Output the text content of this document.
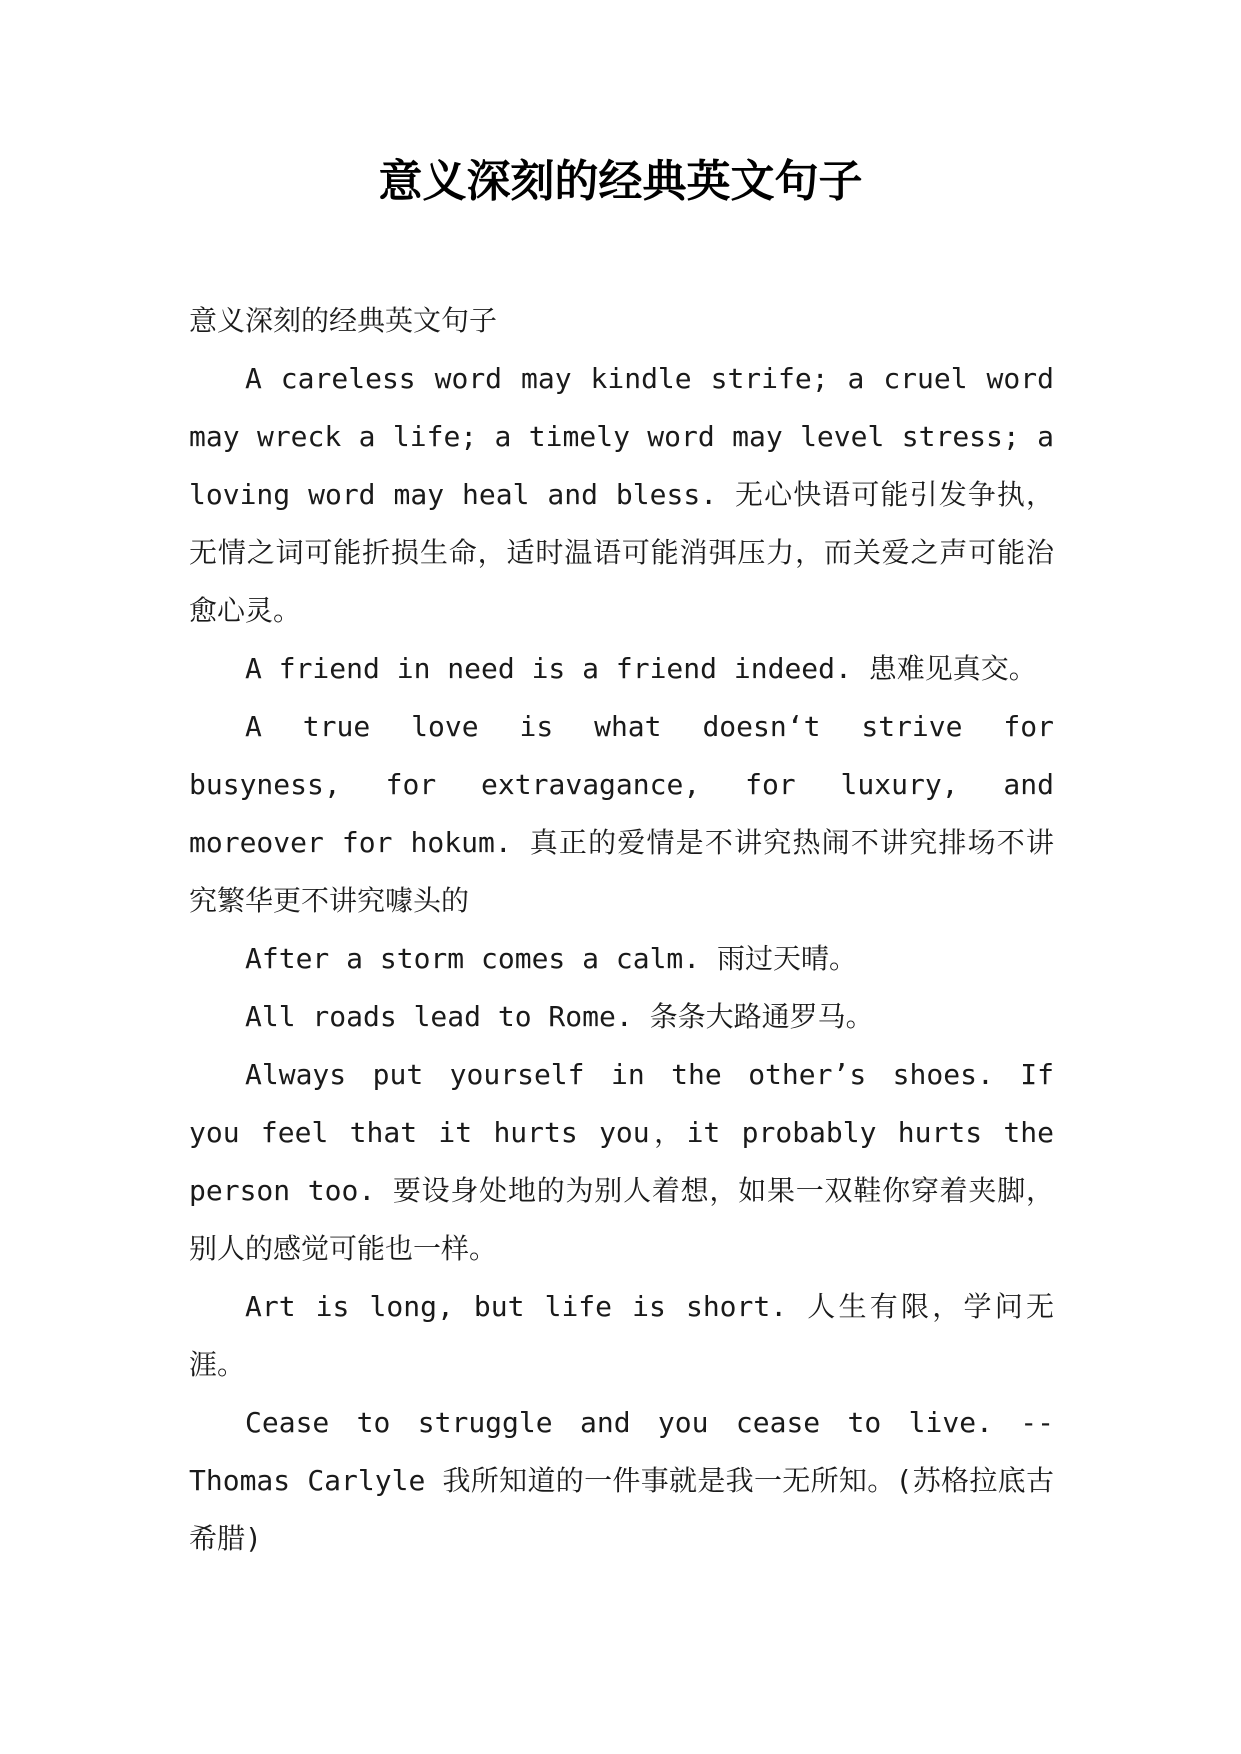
意义深刻的经典英文句子

意义深刻的经典英文句子

A careless word may kindle strife; a cruel word may wreck a life; a timely word may level stress; a loving word may heal and bless. 无心快语可能引发争执，无情之词可能折损生命，适时温语可能消弭压力，而关爱之声可能治愈心灵。

A friend in need is a friend indeed. 患难见真交。

A true love is what doesn‘t strive for busyness, for extravagance, for luxury, and moreover for hokum. 真正的爱情是不讲究热闹不讲究排场不讲究繁华更不讲究噱头的

After a storm comes a calm. 雨过天晴。

All roads lead to Rome. 条条大路通罗马。

Always put yourself in the other’s shoes. If you feel that it hurts you，it probably hurts the person too. 要设身处地的为别人着想，如果一双鞋你穿着夹脚，别人的感觉可能也一样。

Art is long, but life is short. 人生有限，学问无涯。

Cease to struggle and you cease to live. --Thomas Carlyle 我所知道的一件事就是我一无所知。(苏格拉底古希腊)
